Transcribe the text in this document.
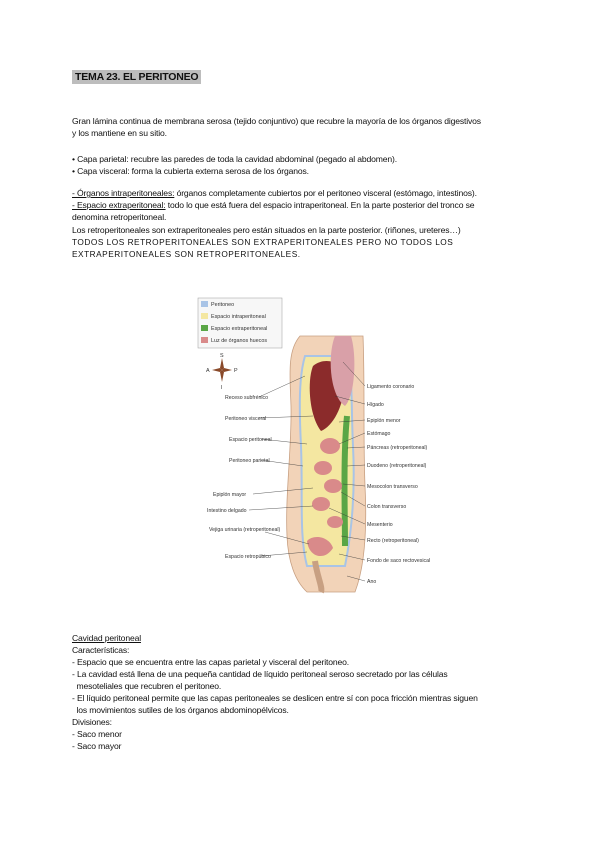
TEMA 23. EL PERITONEO
Gran lámina continua de membrana serosa (tejido conjuntivo) que recubre la mayoría de los órganos digestivos
y los mantiene en su sitio.
• Capa parietal: recubre las paredes de toda la cavidad abdominal (pegado al abdomen).
• Capa visceral: forma la cubierta externa serosa de los órganos.
- Órganos intraperitoneales: órganos completamente cubiertos por el peritoneo visceral (estómago, intestinos).
- Espacio extraperitoneal: todo lo que está fuera del espacio intraperitoneal. En la parte posterior del tronco se
denomina retroperitoneal.
Los retroperitoneales son extraperitoneales pero están situados en la parte posterior. (riñones, ureteres…)
TODOS LOS RETROPERITONEALES SON EXTRAPERITONEALES PERO NO TODOS LOS
EXTRAPERITONEALES SON RETROPERITONEALES.
Peritoneo
Espacio intraperitoneal
Espacio extraperitoneal
Luz de órganos huecos
S
A	P
I
Receso subfrénico
Peritoneo visceral
Espacio peritoneal
Peritoneo parietal
Epiplón mayor
Intestino delgado
Vejiga urinaria (retroperitoneal)
Espacio retropúbico
Ligamento coronario
Hígado
Epiplón menor
Estómago
Páncreas (retroperitoneal)
Duodeno (retroperitoneal)
Mesocolon transverso
Colon transverso
Mesenterio
Recto (retroperitoneal)
Fondo de saco rectovesical
Ano
Cavidad peritoneal
Características:
- Espacio que se encuentra entre las capas parietal y visceral del peritoneo.
- La cavidad está llena de una pequeña cantidad de líquido peritoneal seroso secretado por las células
mesoteliales que recubren el peritoneo.
- El líquido peritoneal permite que las capas peritoneales se deslicen entre sí con poca fricción mientras siguen
los movimientos sutiles de los órganos abdominopélvicos.
Divisiones:
- Saco menor
- Saco mayor
